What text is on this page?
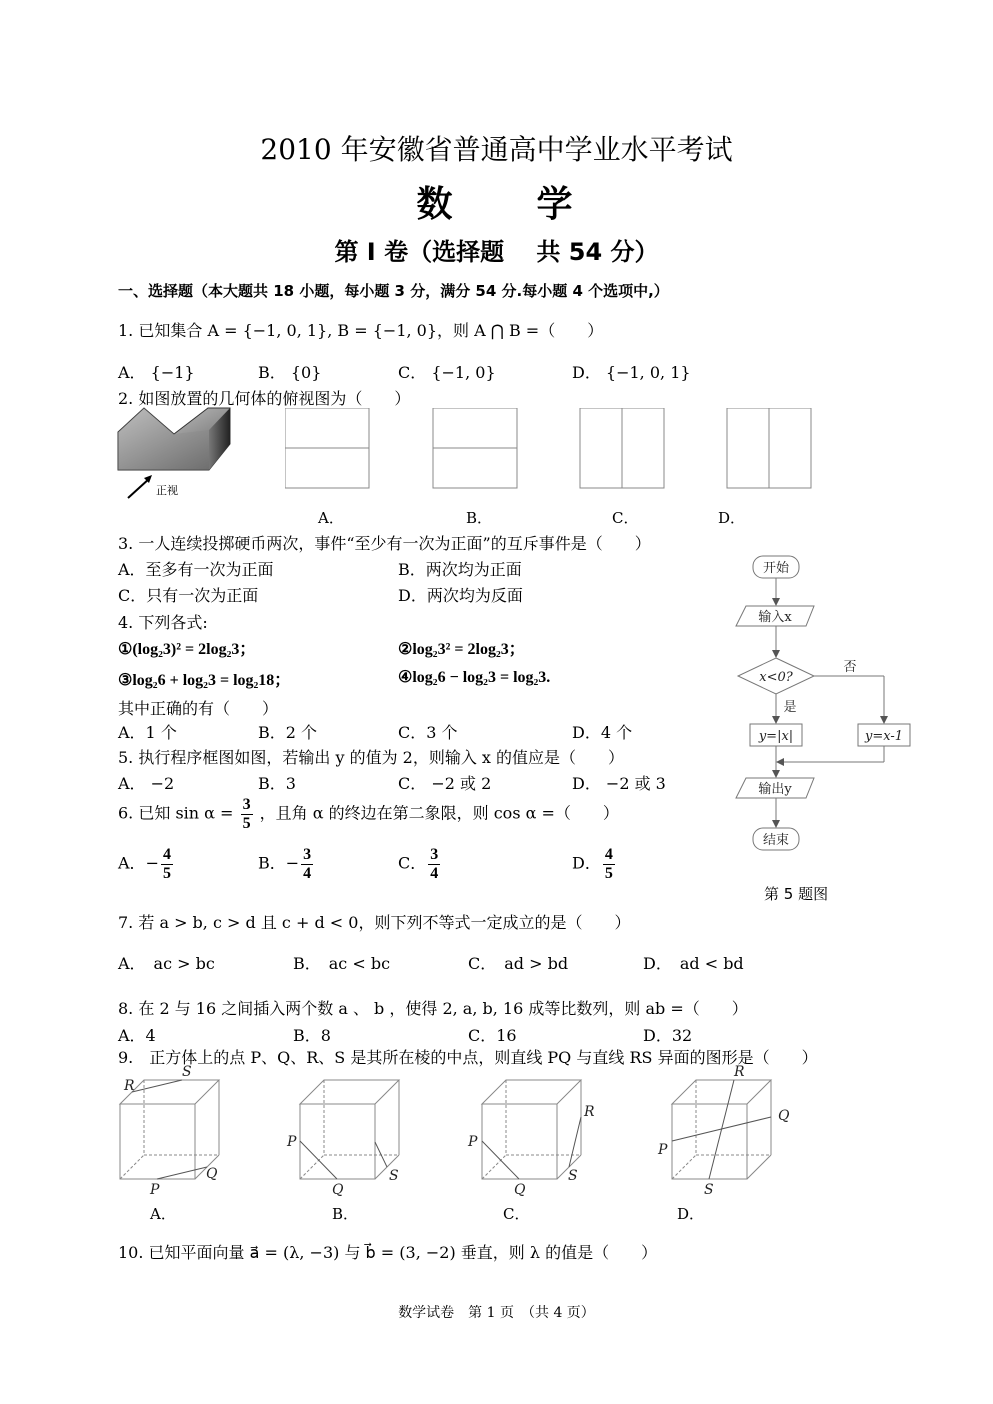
2010 年安徽省普通高中学业水平考试
数　　学
第 Ⅰ 卷（选择题　 共 54 分）
一、选择题（本大题共 18 小题，每小题 3 分，满分 54 分.每小题 4 个选项中,）
1. 已知集合 A = {−1, 0, 1}, B = {−1, 0}，则 A ⋂ B =（　　）
A． {−1}	B． {0}	C． {−1, 0}	D． {−1, 0, 1}
2. 如图放置的几何体的俯视图为（　　）
正视
A．	B．	C．	D．
3. 一人连续投掷硬币两次，事件“至少有一次为正面”的互斥事件是（　　）
A．至多有一次为正面	B．两次均为正面
C．只有一次为正面	D．两次均为反面
4. 下列各式:
①(log₂3)² = 2log₂3；	②log₂3² = 2log₂3；
③log₂6 + log₂3 = log₂18；	④log₂6 − log₂3 = log₂3.
其中正确的有（　　）
A．1 个	B．2 个	C．3 个	D．4 个
5. 执行程序框图如图，若输出 y 的值为 2，则输入 x 的值应是（　　）
A． −2	B．3	C． −2 或 2	D． −2 或 3
开始
输入x
x<0?
是
否
y=|x|	y=x-1
输出y
结束
第 5 题图
6. 已知 $\sin \alpha = \frac{3}{5}$ ，且角 α 的终边在第二象限，则 cos α =（　　）
A．− $\frac{4}{5}$	B．− $\frac{3}{4}$	C． $\frac{3}{4}$	D． $\frac{4}{5}$
7. 若 a > b, c > d 且 c + d < 0，则下列不等式一定成立的是（　　）
A．　ac > bc	B．　ac < bc	C．　ad > bd	D．　ad < bd
8. 在 2 与 16 之间插入两个数 a 、 b ，使得 2, a, b, 16 成等比数列，则 ab =（　　）
A．4	B．8	C．16	D．32
9.　正方体上的点 P、Q、R、S 是其所在棱的中点，则直线 PQ 与直线 RS 异面的图形是（　　）
R
S
P
Q
P
Q
S
P
Q
R
S
R
P
Q
S
A．	B．	C．	D．
10. 已知平面向量 a⃗ = (λ, −3) 与 b⃗ = (3, −2) 垂直，则 λ 的值是（　　）
数学试卷　第 1 页　（共 4 页）
